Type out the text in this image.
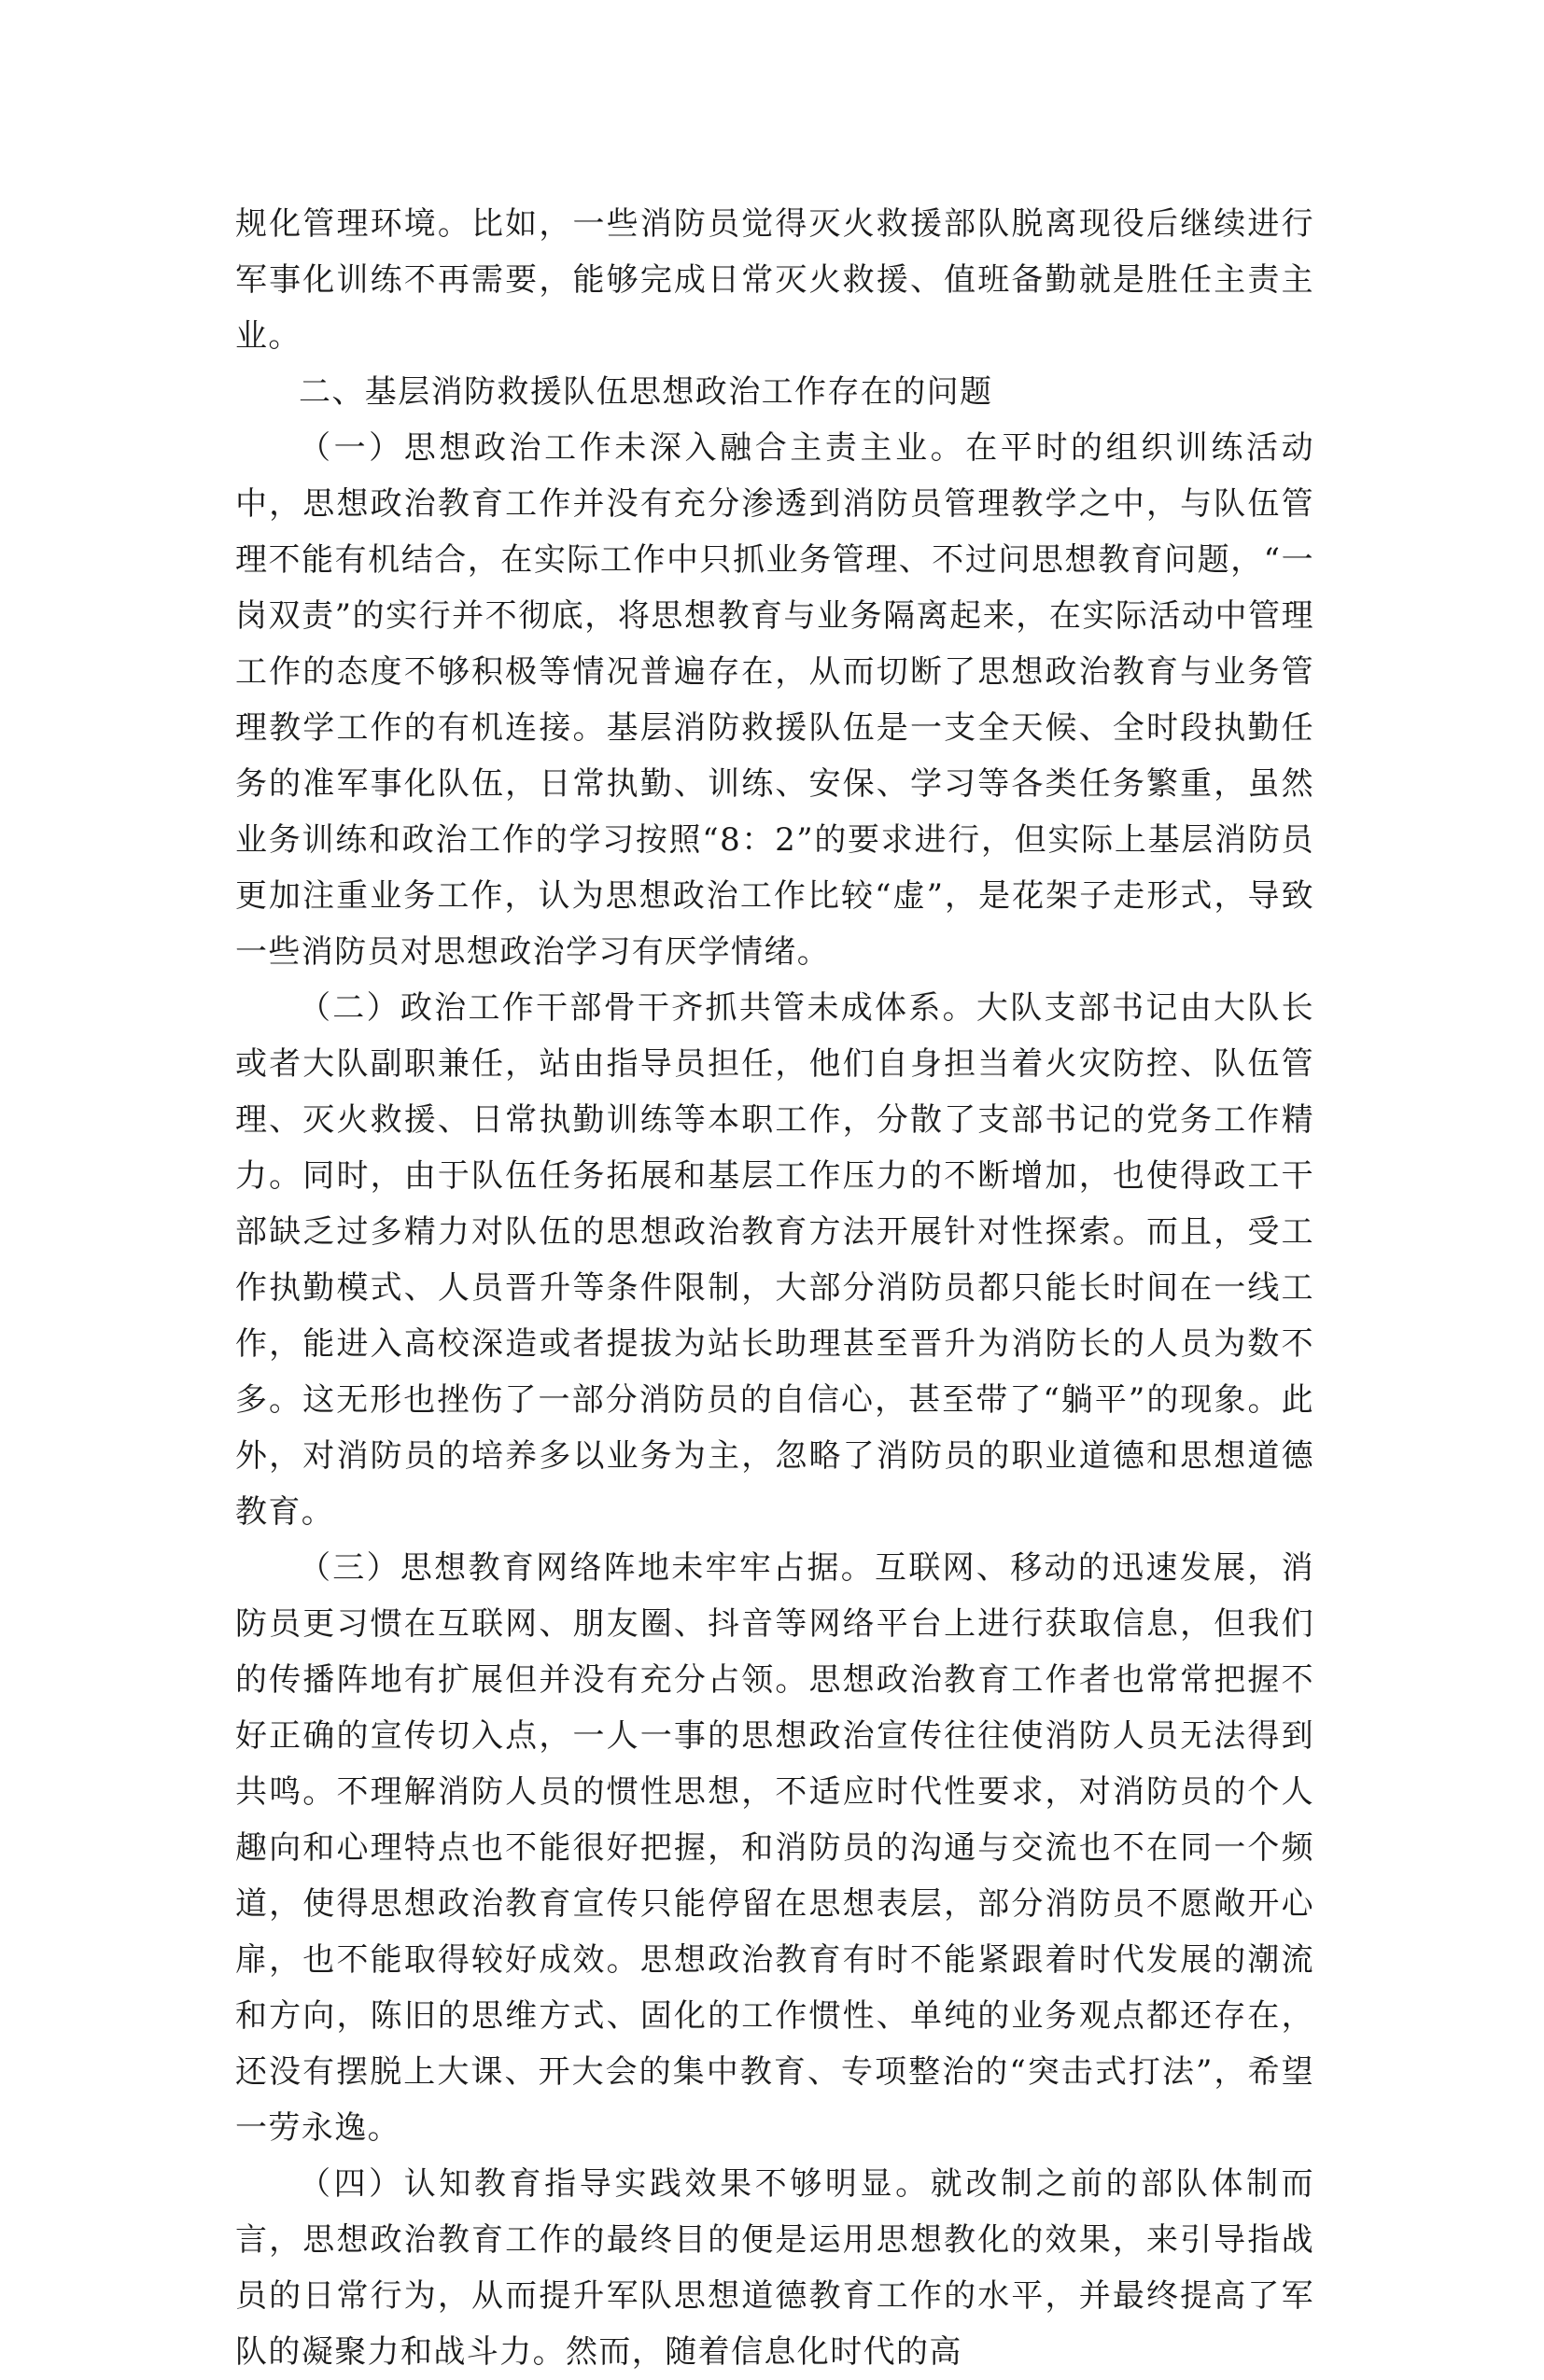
规化管理环境。比如，一些消防员觉得灭火救援部队脱离现役后继续进行军事化训练不再需要，能够完成日常灭火救援、值班备勤就是胜任主责主业。

二、基层消防救援队伍思想政治工作存在的问题

（一）思想政治工作未深入融合主责主业。在平时的组织训练活动中，思想政治教育工作并没有充分渗透到消防员管理教学之中，与队伍管理不能有机结合，在实际工作中只抓业务管理、不过问思想教育问题，“一岗双责”的实行并不彻底，将思想教育与业务隔离起来，在实际活动中管理工作的态度不够积极等情况普遍存在，从而切断了思想政治教育与业务管理教学工作的有机连接。基层消防救援队伍是一支全天候、全时段执勤任务的准军事化队伍，日常执勤、训练、安保、学习等各类任务繁重，虽然业务训练和政治工作的学习按照“8：2”的要求进行，但实际上基层消防员更加注重业务工作，认为思想政治工作比较“虚”，是花架子走形式，导致一些消防员对思想政治学习有厌学情绪。

（二）政治工作干部骨干齐抓共管未成体系。大队支部书记由大队长或者大队副职兼任，站由指导员担任，他们自身担当着火灾防控、队伍管理、灭火救援、日常执勤训练等本职工作，分散了支部书记的党务工作精力。同时，由于队伍任务拓展和基层工作压力的不断增加，也使得政工干部缺乏过多精力对队伍的思想政治教育方法开展针对性探索。而且，受工作执勤模式、人员晋升等条件限制，大部分消防员都只能长时间在一线工作，能进入高校深造或者提拔为站长助理甚至晋升为消防长的人员为数不多。这无形也挫伤了一部分消防员的自信心，甚至带了“躺平”的现象。此外，对消防员的培养多以业务为主，忽略了消防员的职业道德和思想道德教育。

（三）思想教育网络阵地未牢牢占据。互联网、移动的迅速发展，消防员更习惯在互联网、朋友圈、抖音等网络平台上进行获取信息，但我们的传播阵地有扩展但并没有充分占领。思想政治教育工作者也常常把握不好正确的宣传切入点，一人一事的思想政治宣传往往使消防人员无法得到共鸣。不理解消防人员的惯性思想，不适应时代性要求，对消防员的个人趣向和心理特点也不能很好把握，和消防员的沟通与交流也不在同一个频道，使得思想政治教育宣传只能停留在思想表层，部分消防员不愿敞开心扉，也不能取得较好成效。思想政治教育有时不能紧跟着时代发展的潮流和方向，陈旧的思维方式、固化的工作惯性、单纯的业务观点都还存在，还没有摆脱上大课、开大会的集中教育、专项整治的“突击式打法”，希望一劳永逸。

（四）认知教育指导实践效果不够明显。就改制之前的部队体制而言，思想政治教育工作的最终目的便是运用思想教化的效果，来引导指战员的日常行为，从而提升军队思想道德教育工作的水平，并最终提高了军队的凝聚力和战斗力。然而，随着信息化时代的高
